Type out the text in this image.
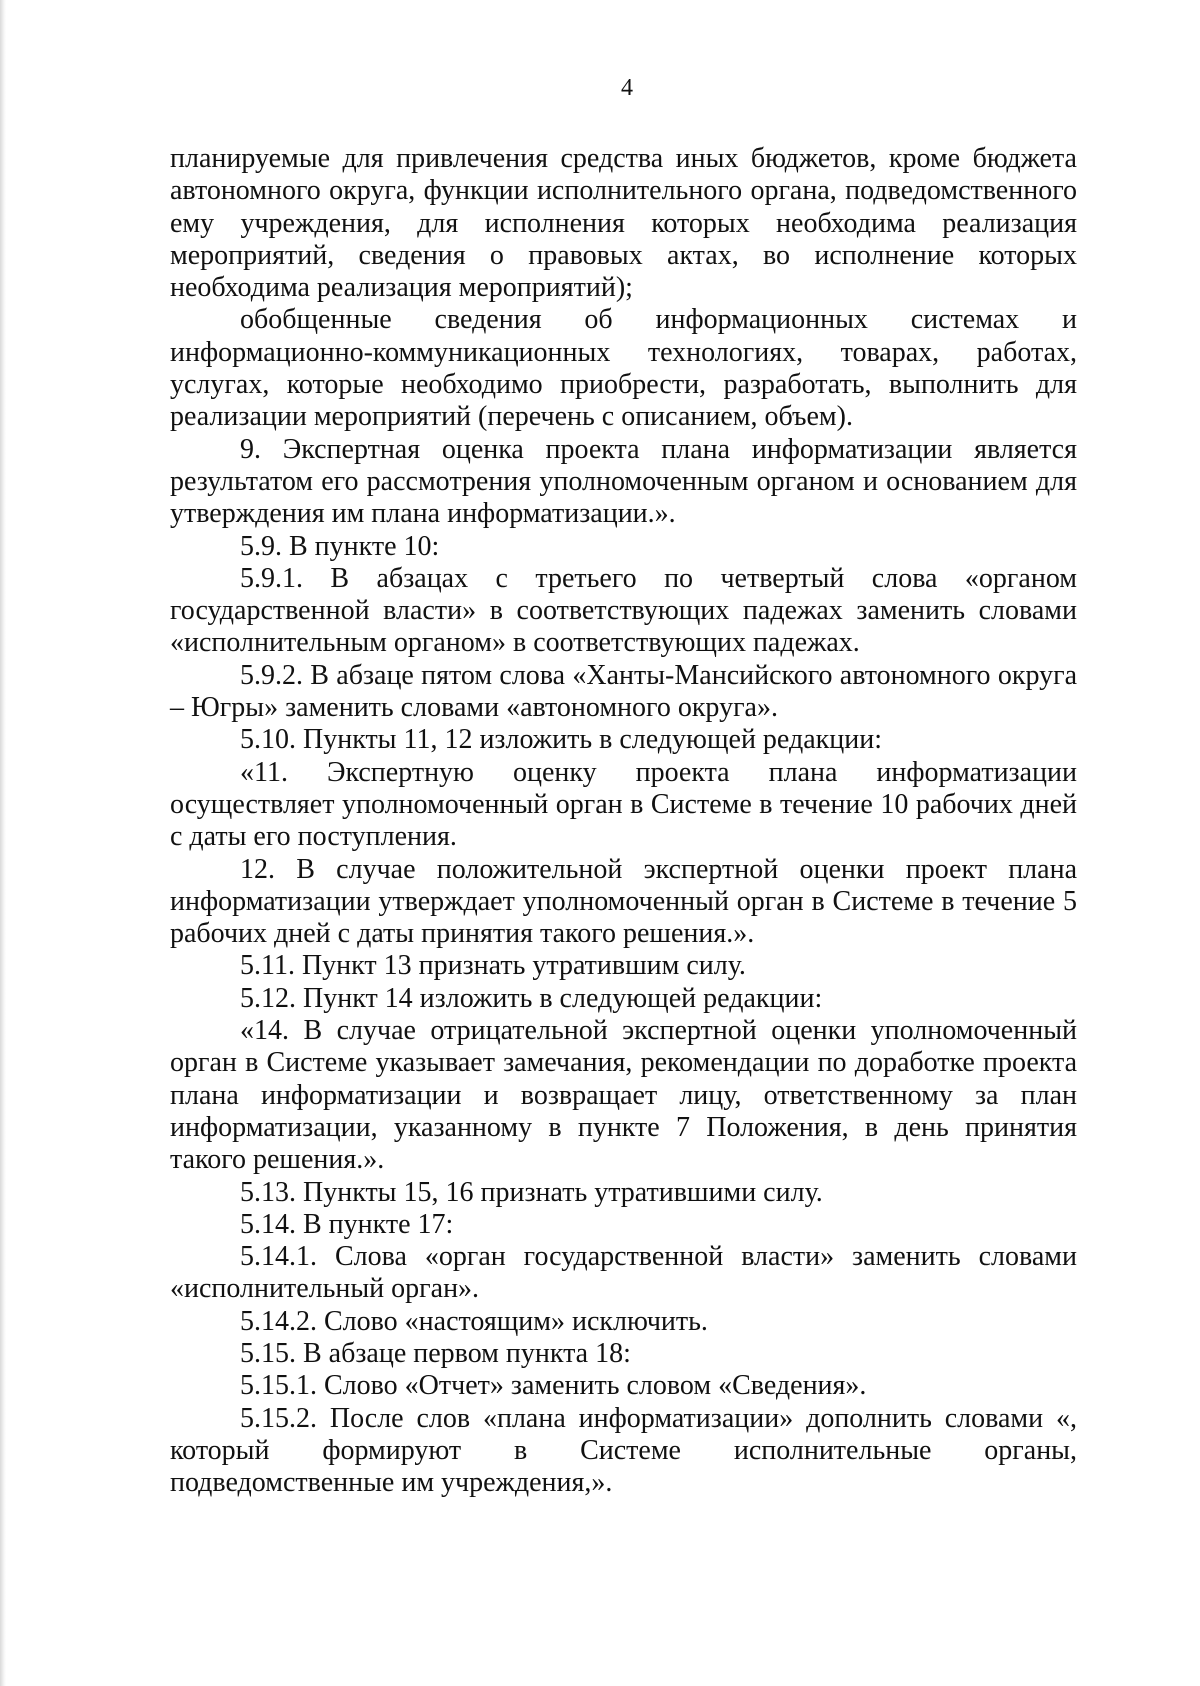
4

планируемые для привлечения средства иных бюджетов, кроме бюджета автономного округа, функции исполнительного органа, подведомственного ему учреждения, для исполнения которых необходима реализация мероприятий, сведения о правовых актах, во исполнение которых необходима реализация мероприятий);

обобщенные сведения об информационных системах и информационно-коммуникационных технологиях, товарах, работах, услугах, которые необходимо приобрести, разработать, выполнить для реализации мероприятий (перечень с описанием, объем).

9. Экспертная оценка проекта плана информатизации является результатом его рассмотрения уполномоченным органом и основанием для утверждения им плана информатизации.».

5.9. В пункте 10:

5.9.1. В абзацах с третьего по четвертый слова «органом государственной власти» в соответствующих падежах заменить словами «исполнительным органом» в соответствующих падежах.

5.9.2. В абзаце пятом слова «Ханты-Мансийского автономного округа – Югры» заменить словами «автономного округа».

5.10. Пункты 11, 12 изложить в следующей редакции:

«11. Экспертную оценку проекта плана информатизации осуществляет уполномоченный орган в Системе в течение 10 рабочих дней с даты его поступления.

12. В случае положительной экспертной оценки проект плана информатизации утверждает уполномоченный орган в Системе в течение 5 рабочих дней с даты принятия такого решения.».

5.11. Пункт 13 признать утратившим силу.

5.12. Пункт 14 изложить в следующей редакции:

«14. В случае отрицательной экспертной оценки уполномоченный орган в Системе указывает замечания, рекомендации по доработке проекта плана информатизации и возвращает лицу, ответственному за план информатизации, указанному в пункте 7 Положения, в день принятия такого решения.».

5.13. Пункты 15, 16 признать утратившими силу.

5.14. В пункте 17:

5.14.1. Слова «орган государственной власти» заменить словами «исполнительный орган».

5.14.2. Слово «настоящим» исключить.

5.15. В абзаце первом пункта 18:

5.15.1. Слово «Отчет» заменить словом «Сведения».

5.15.2. После слов «плана информатизации» дополнить словами «, который формируют в Системе исполнительные органы, подведомственные им учреждения,».
